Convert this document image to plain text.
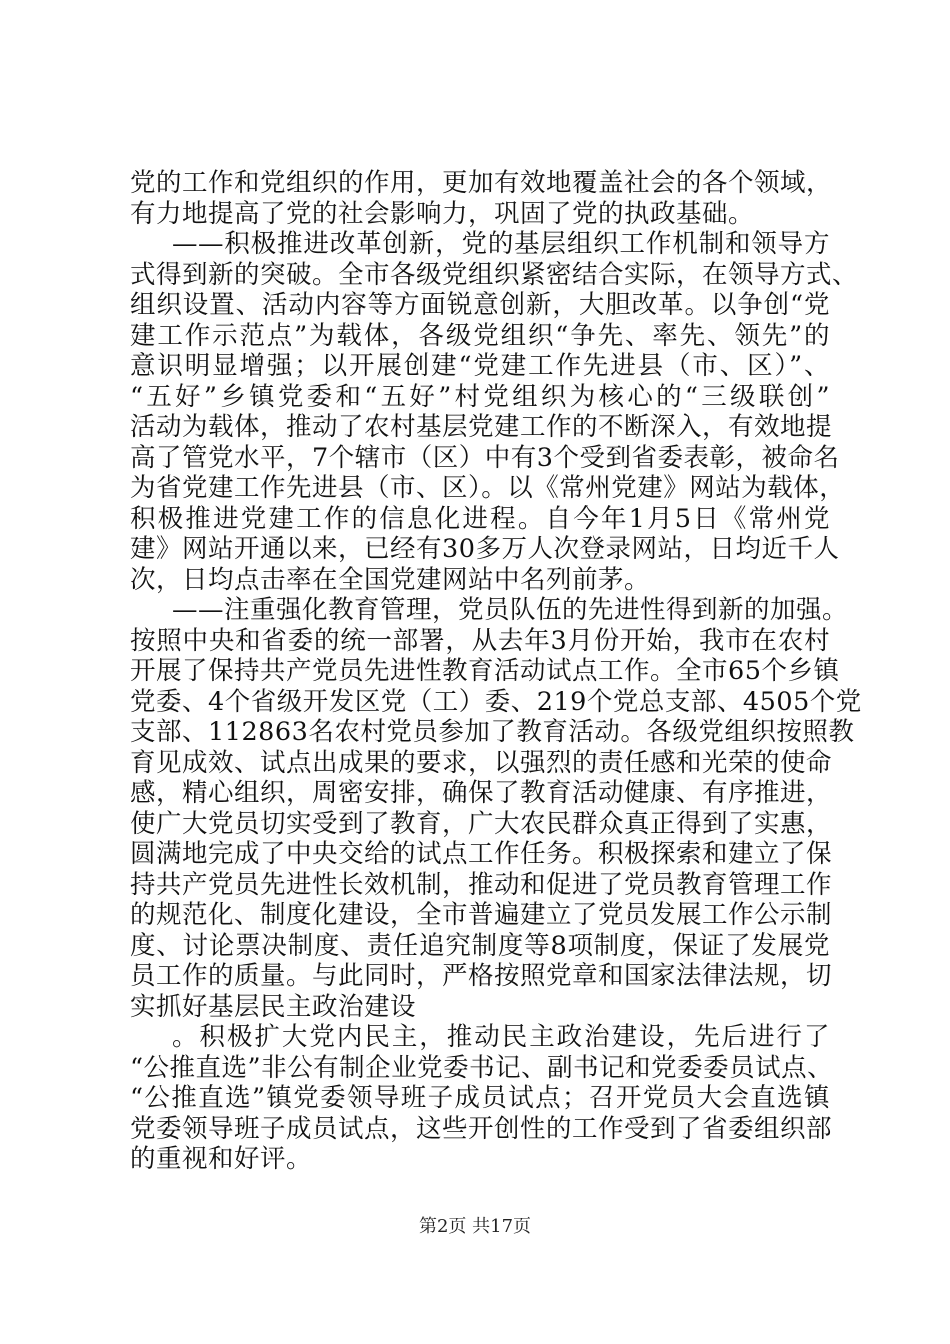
党的工作和党组织的作用，更加有效地覆盖社会的各个领域，
有力地提高了党的社会影响力，巩固了党的执政基础。
——积极推进改革创新，党的基层组织工作机制和领导方
式得到新的突破。全市各级党组织紧密结合实际，在领导方式、
组织设置、活动内容等方面锐意创新，大胆改革。以争创“党
建工作示范点”为载体，各级党组织“争先、率先、领先”的
意识明显增强；以开展创建“党建工作先进县（市、区）”、
“五好”乡镇党委和“五好”村党组织为核心的“三级联创”
活动为载体，推动了农村基层党建工作的不断深入，有效地提
高了管党水平，7个辖市（区）中有3个受到省委表彰，被命名
为省党建工作先进县（市、区）。以《常州党建》网站为载体，
积极推进党建工作的信息化进程。自今年1月5日《常州党
建》网站开通以来，已经有30多万人次登录网站，日均近千人
次，日均点击率在全国党建网站中名列前茅。
——注重强化教育管理，党员队伍的先进性得到新的加强。
按照中央和省委的统一部署，从去年3月份开始，我市在农村
开展了保持共产党员先进性教育活动试点工作。全市65个乡镇
党委、4个省级开发区党（工）委、219个党总支部、4505个党
支部、112863名农村党员参加了教育活动。各级党组织按照教
育见成效、试点出成果的要求，以强烈的责任感和光荣的使命
感，精心组织，周密安排，确保了教育活动健康、有序推进，
使广大党员切实受到了教育，广大农民群众真正得到了实惠，
圆满地完成了中央交给的试点工作任务。积极探索和建立了保
持共产党员先进性长效机制，推动和促进了党员教育管理工作
的规范化、制度化建设，全市普遍建立了党员发展工作公示制
度、讨论票决制度、责任追究制度等8项制度，保证了发展党
员工作的质量。与此同时，严格按照党章和国家法律法规，切
实抓好基层民主政治建设
。积极扩大党内民主，推动民主政治建设，先后进行了
“公推直选”非公有制企业党委书记、副书记和党委委员试点、
“公推直选”镇党委领导班子成员试点；召开党员大会直选镇
党委领导班子成员试点，这些开创性的工作受到了省委组织部
的重视和好评。
第2页 共17页
